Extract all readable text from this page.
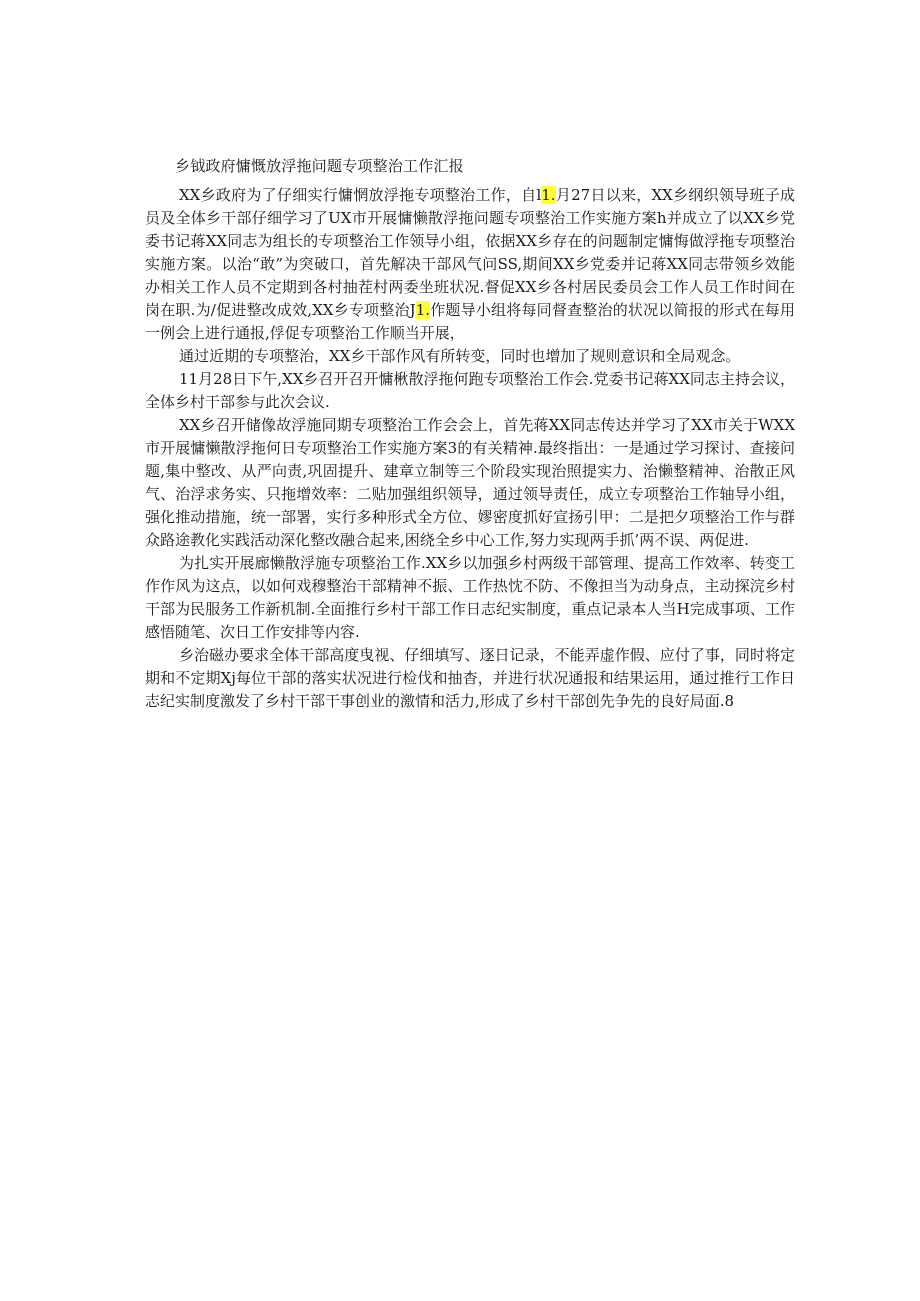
乡钺政府慵慨放浮拖问题专项整治工作汇报

XX乡政府为了仔细实行慵惘放浮拖专项整治工作，自l1.月27日以来，XX乡纲织领导班子成员及全体乡干部仔细学习了UX市开展慵懒散浮拖问题专项整治工作实施方案h并成立了以XX乡党委书记蒋XX同志为组长的专项整治工作领导小组，依据XX乡存在的问题制定慵悔做浮拖专项整治实施方案。以治“敢”为突破口，首先解决干部风气问SS,期间XX乡党委并记蒋XX同志带领乡效能办相关工作人员不定期到各村抽茬村两委坐班状况.督促XX乡各村居民委员会工作人员工作时间在岗在职.为/促进整改成效,XX乡专项整治J1.作题导小组将每同督查整治的状况以简报的形式在每用一例会上进行通报,俘促专项整治工作顺当开展，

通过近期的专项整治，XX乡干部作风有所转变，同时也增加了规则意识和全局观念。

11月28日下午,XX乡召开召开慵楸散浮拖何跑专项整治工作会.党委书记蒋XX同志主持会议，全体乡村干部参与此次会议.

XX乡召开储像故浮施同期专项整治工作会会上，首先蒋XX同志传达并学习了XX市关于WXX市开展慵懒散浮拖何日专项整治工作实施方案3的有关精神.最终指出：一是通过学习探讨、查接问题,集中整改、从严向责,巩固提升、建章立制等三个阶段实现治照提实力、治懒整精神、治散正风气、治浮求务实、只拖增效率：二贴加强组织领导，通过领导责任，成立专项整治工作轴导小组，强化推动措施，统一部署，实行多种形式全方位、嫪密度抓好宣扬引甲：二是把夕项整治工作与群众路途教化实践活动深化整改融合起来,困绕全乡中心工作,努力实现两手抓’两不误、两促进.

为扎实开展廊懒散浮施专项整治工作.XX乡以加强乡村两级干部管理、提高工作效率、转变工作作风为这点，以如何戏穆整治干部精神不振、工作热忱不防、不像担当为动身点，主动探浣乡村干部为民服务工作新机制.全面推行乡村干部工作日志纪实制度，重点记录本人当H完成事项、工作感悟随笔、次日工作安排等内容.

乡治磁办要求全体干部高度曳视、仔细填写、逐日记录，不能弄虚作假、应付了事，同时将定期和不定期Xj每位干部的落实状况进行检伐和抽杳，并进行状况通报和结果运用，通过推行工作日志纪实制度激发了乡村干部干事创业的激情和活力,形成了乡村干部创先争先的良好局面.8
